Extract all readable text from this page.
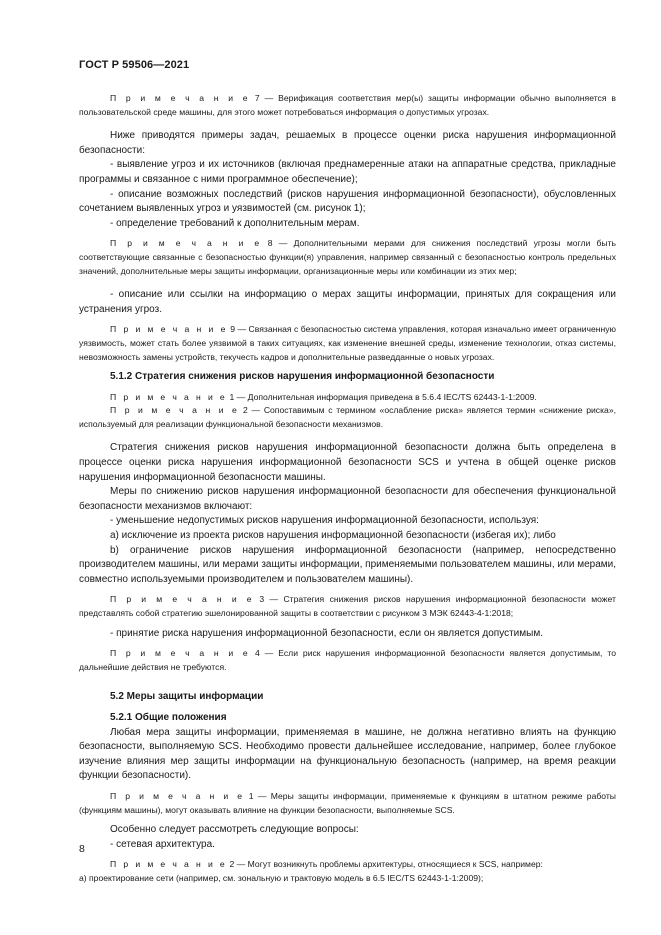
ГОСТ Р 59506—2021

П р и м е ч а н и е 7 — Верификация соответствия мер(ы) защиты информации обычно выполняется в пользовательской среде машины, для этого может потребоваться информация о допустимых угрозах.

Ниже приводятся примеры задач, решаемых в процессе оценки риска нарушения информационной безопасности:

- выявление угроз и их источников (включая преднамеренные атаки на аппаратные средства, прикладные программы и связанное с ними программное обеспечение);

- описание возможных последствий (рисков нарушения информационной безопасности), обусловленных сочетанием выявленных угроз и уязвимостей (см. рисунок 1);

- определение требований к дополнительным мерам.

П р и м е ч а н и е 8 — Дополнительными мерами для снижения последствий угрозы могли быть соответствующие связанные с безопасностью функции(я) управления, например связанный с безопасностью контроль предельных значений, дополнительные меры защиты информации, организационные меры или комбинации из этих мер;

- описание или ссылки на информацию о мерах защиты информации, принятых для сокращения или устранения угроз.

П р и м е ч а н и е 9 — Связанная с безопасностью система управления, которая изначально имеет ограниченную уязвимость, может стать более уязвимой в таких ситуациях, как изменение внешней среды, изменение технологии, отказ системы, невозможность замены устройств, текучесть кадров и дополнительные разведданные о новых угрозах.

5.1.2 Стратегия снижения рисков нарушения информационной безопасности

П р и м е ч а н и е 1 — Дополнительная информация приведена в 5.6.4 IEC/TS 62443-1-1:2009.

П р и м е ч а н и е 2 — Сопоставимым с термином «ослабление риска» является термин «снижение риска», используемый для реализации функциональной безопасности механизмов.

Стратегия снижения рисков нарушения информационной безопасности должна быть определена в процессе оценки риска нарушения информационной безопасности SCS и учтена в общей оценке рисков нарушения информационной безопасности машины.

Меры по снижению рисков нарушения информационной безопасности для обеспечения функциональной безопасности механизмов включают:

- уменьшение недопустимых рисков нарушения информационной безопасности, используя:

a) исключение из проекта рисков нарушения информационной безопасности (избегая их); либо

b) ограничение рисков нарушения информационной безопасности (например, непосредственно производителем машины, или мерами защиты информации, применяемыми пользователем машины, или мерами, совместно используемыми производителем и пользователем машины).

П р и м е ч а н и е 3 — Стратегия снижения рисков нарушения информационной безопасности может представлять собой стратегию эшелонированной защиты в соответствии с рисунком 3 МЭК 62443-4-1:2018;

- принятие риска нарушения информационной безопасности, если он является допустимым.

П р и м е ч а н и е 4 — Если риск нарушения информационной безопасности является допустимым, то дальнейшие действия не требуются.

5.2 Меры защиты информации

5.2.1 Общие положения

Любая мера защиты информации, применяемая в машине, не должна негативно влиять на функцию безопасности, выполняемую SCS. Необходимо провести дальнейшее исследование, например, более глубокое изучение влияния мер защиты информации на функциональную безопасность (например, на время реакции функции безопасности).

П р и м е ч а н и е 1 — Меры защиты информации, применяемые к функциям в штатном режиме работы (функциям машины), могут оказывать влияние на функции безопасности, выполняемые SCS.

Особенно следует рассмотреть следующие вопросы:

- сетевая архитектура.

П р и м е ч а н и е 2 — Могут возникнуть проблемы архитектуры, относящиеся к SCS, например:

а) проектирование сети (например, см. зональную и трактовую модель в 6.5 IEC/TS 62443-1-1:2009);

8
